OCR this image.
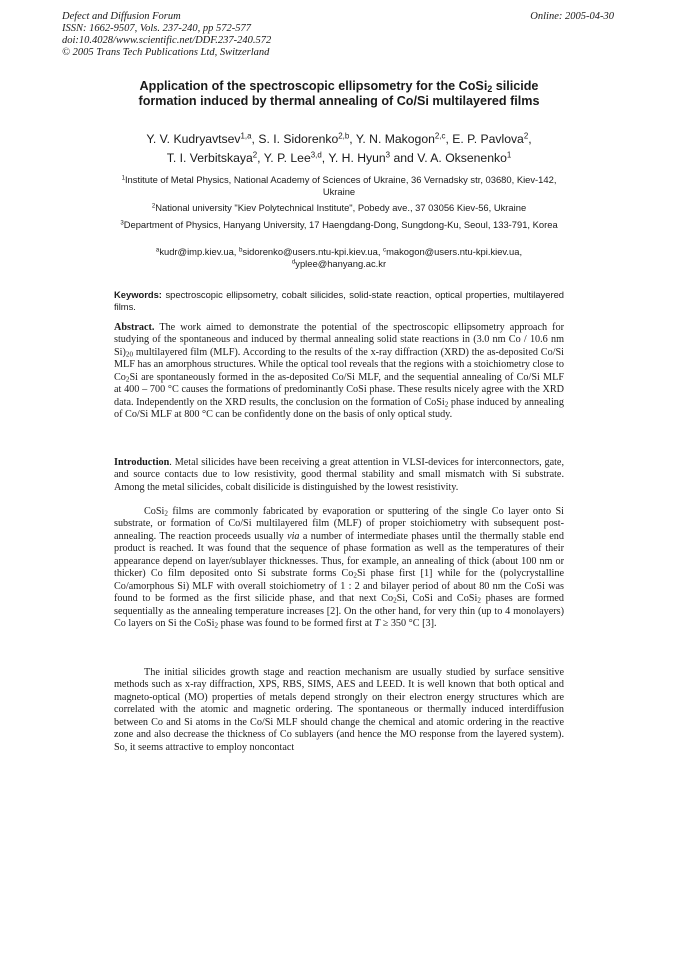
Defect and Diffusion Forum
ISSN: 1662-9507, Vols. 237-240, pp 572-577
doi:10.4028/www.scientific.net/DDF.237-240.572
© 2005 Trans Tech Publications Ltd, Switzerland
Online: 2005-04-30
Application of the spectroscopic ellipsometry for the CoSi$_2$ silicide
formation induced by thermal annealing of Co/Si multilayered films
Y. V. Kudryavtsev$^{1,a}$, S. I. Sidorenko$^{2,b}$, Y. N. Makogon$^{2,c}$, E. P. Pavlova$^2$,
T. I. Verbitskaya$^2$, Y. P. Lee$^{3,d}$, Y. H. Hyun$^3$ and V. A. Oksenenko$^1$
$^1$Institute of Metal Physics, National Academy of Sciences of Ukraine, 36 Vernadsky str, 03680, Kiev-142, Ukraine
$^2$National university "Kiev Polytechnical Institute", Pobedy ave., 37 03056 Kiev-56, Ukraine
$^3$Department of Physics, Hanyang University, 17 Haengdang-Dong, Sungdong-Ku, Seoul, 133-791, Korea
$^a$kudr@imp.kiev.ua, $^b$sidorenko@users.ntu-kpi.kiev.ua, $^c$makogon@users.ntu-kpi.kiev.ua,
$^d$yplee@hanyang.ac.kr
Keywords: spectroscopic ellipsometry, cobalt silicides, solid-state reaction, optical properties, multilayered films.
Abstract. The work aimed to demonstrate the potential of the spectroscopic ellipsometry approach for studying of the spontaneous and induced by thermal annealing solid state reactions in (3.0 nm Co / 10.6 nm $Si)_{20}$ multilayered film (MLF). According to the results of the x-ray diffraction (XRD) the as-deposited Co/Si MLF has an amorphous structures. While the optical tool reveals that the regions with a stoichiometry close to $Co_2Si$ are spontaneously formed in the as-deposited Co/Si MLF, and the sequential annealing of Co/Si MLF at 400 – 700 °C causes the formations of predominantly CoSi phase. These results nicely agree with the XRD data. Independently on the XRD results, the conclusion on the formation of CoSi$_2$ phase induced by annealing of Co/Si MLF at 800 °C can be confidently done on the basis of only optical study.
Introduction. Metal silicides have been receiving a great attention in VLSI-devices for interconnectors, gate, and source contacts due to low resistivity, good thermal stability and small mismatch with Si substrate. Among the metal silicides, cobalt disilicide is distinguished by the lowest resistivity.
CoSi$_2$ films are commonly fabricated by evaporation or sputtering of the single Co layer onto Si substrate, or formation of Co/Si multilayered film (MLF) of proper stoichiometry with subsequent post-annealing. The reaction proceeds usually via a number of intermediate phases until the thermally stable end product is reached. It was found that the sequence of phase formation as well as the temperatures of their appearance depend on layer/sublayer thicknesses. Thus, for example, an annealing of thick (about 100 nm or thicker) Co film deposited onto Si substrate forms $Co_2Si$ phase first [1] while for the (polycrystalline Co/amorphous Si) MLF with overall stoichiometry of 1 : 2 and bilayer period of about 80 nm the CoSi was found to be formed as the first silicide phase, and that next $Co_2Si$, CoSi and CoSi$_2$ phases are formed sequentially as the annealing temperature increases [2]. On the other hand, for very thin (up to 4 monolayers) Co layers on Si the CoSi$_2$ phase was found to be formed first at T ≥ 350 °C [3].
The initial silicides growth stage and reaction mechanism are usually studied by surface sensitive methods such as x-ray diffraction, XPS, RBS, SIMS, AES and LEED. It is well known that both optical and magneto-optical (MO) properties of metals depend strongly on their electron energy structures which are correlated with the atomic and magnetic ordering. The spontaneous or thermally induced interdiffusion between Co and Si atoms in the Co/Si MLF should change the chemical and atomic ordering in the reactive zone and also decrease the thickness of Co sublayers (and hence the MO response from the layered system). So, it seems attractive to employ noncontact
